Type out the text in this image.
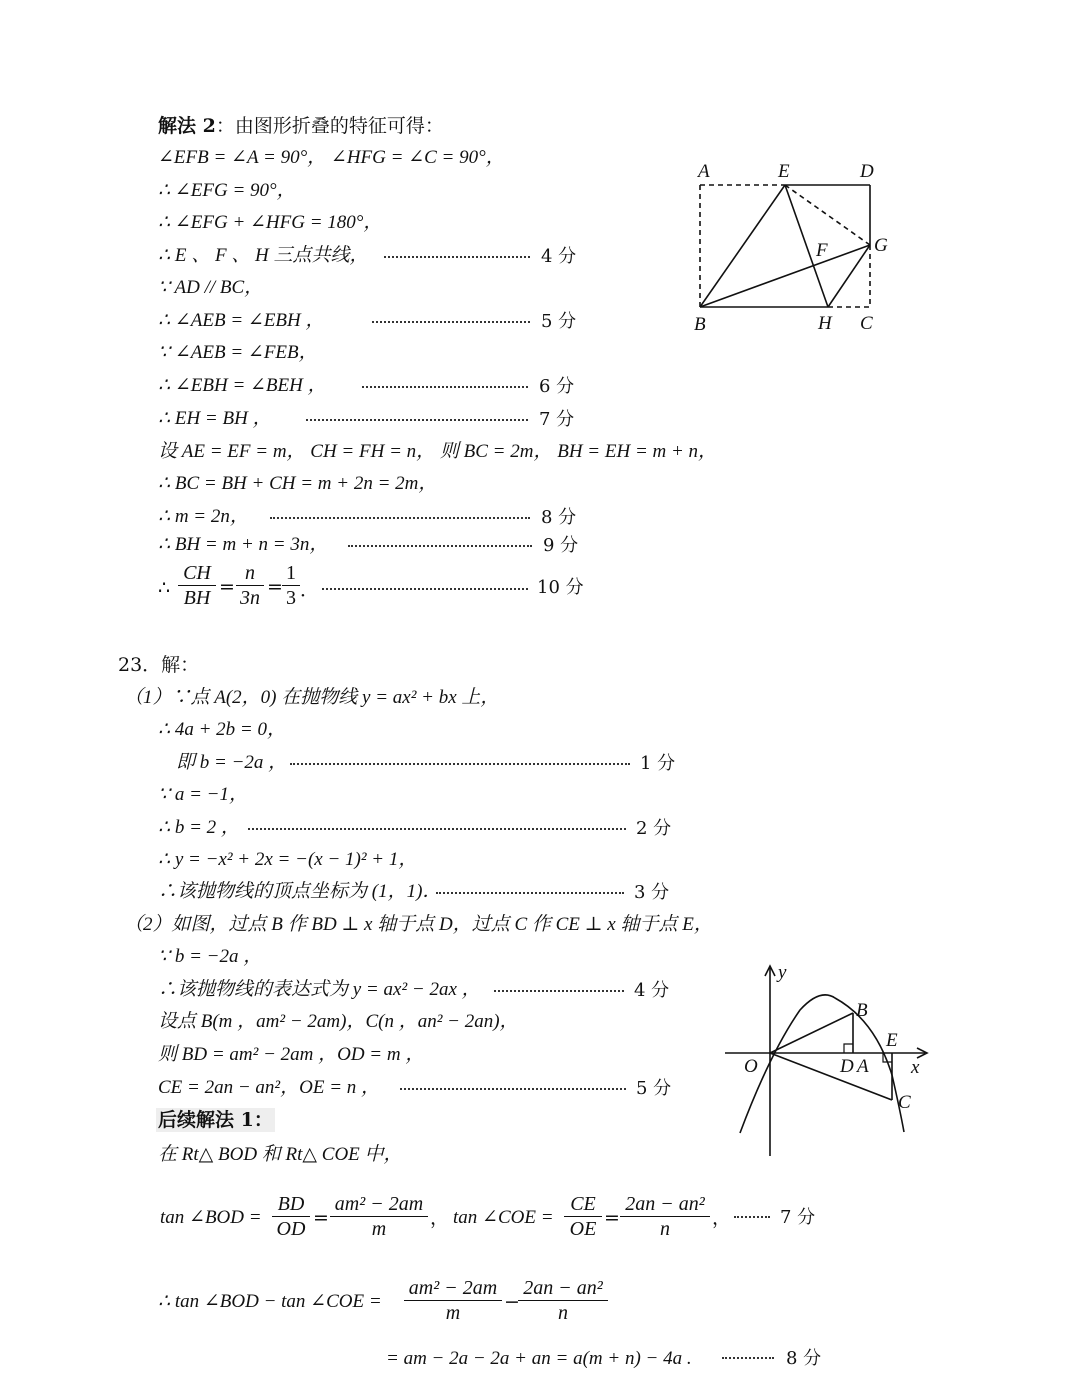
解法 2：由图形折叠的特征可得：
∠EFB = ∠A = 90°， ∠HFG = ∠C = 90°，
∴ ∠EFG = 90°，
∴ ∠EFG + ∠HFG = 180°，
∴ E 、 F 、 H 三点共线，	4 分
∵ AD // BC，
∴ ∠AEB = ∠EBH ，	5 分
∵ ∠AEB = ∠FEB，
∴ ∠EBH = ∠BEH ，	6 分
∴ EH = BH ，	7 分
设 AE = EF = m， CH = FH = n， 则 BC = 2m， BH = EH = m + n，
∴ BC = BH + CH = m + 2n = 2m，
∴ m = 2n，	8 分
∴ BH = m + n = 3n，	9 分
∴ $\frac{CH}{BH} = \frac{n}{3n} = \frac{1}{3}$ ．	10 分
A	E	D
F G
B	H C
23．解：
（1）∵点 A(2，0) 在抛物线 y = ax² + bx 上，
∴ 4a + 2b = 0，
即 b = −2a ，	1 分
∵ a = −1，
∴ b = 2 ，	2 分
∴ y = −x² + 2x = −(x − 1)² + 1，
∴该抛物线的顶点坐标为 (1，1)．	3 分
（2）如图，过点 B 作 BD ⊥ x 轴于点 D，过点 C 作 CE ⊥ x 轴于点 E，
∵ b = −2a ，
∴该抛物线的表达式为 y = ax² − 2ax ，	4 分
设点 B(m ，am² − 2am)，C(n ，an² − 2an)，
则 BD = am² − 2am ，OD = m ，
CE = 2an − an²，OE = n ，	5 分
后续解法 1：
在 Rt△ BOD 和 Rt△ COE 中，
tan ∠BOD = $\frac{BD}{OD} = \frac{\text{am² − 2am}}{m}$ ， tan ∠COE = $\frac{CE}{OE} = \frac{\text{2an − an²}}{n}$ ，	7 分
∴ tan ∠BOD − tan ∠COE = $\frac{\text{am² − 2am}}{m}$ −
$\frac{\text{2an − an²}}{n}$
= am − 2a − 2a + an = a(m + n) − 4a .	8 分
y
x
O
B
E
D A
C
